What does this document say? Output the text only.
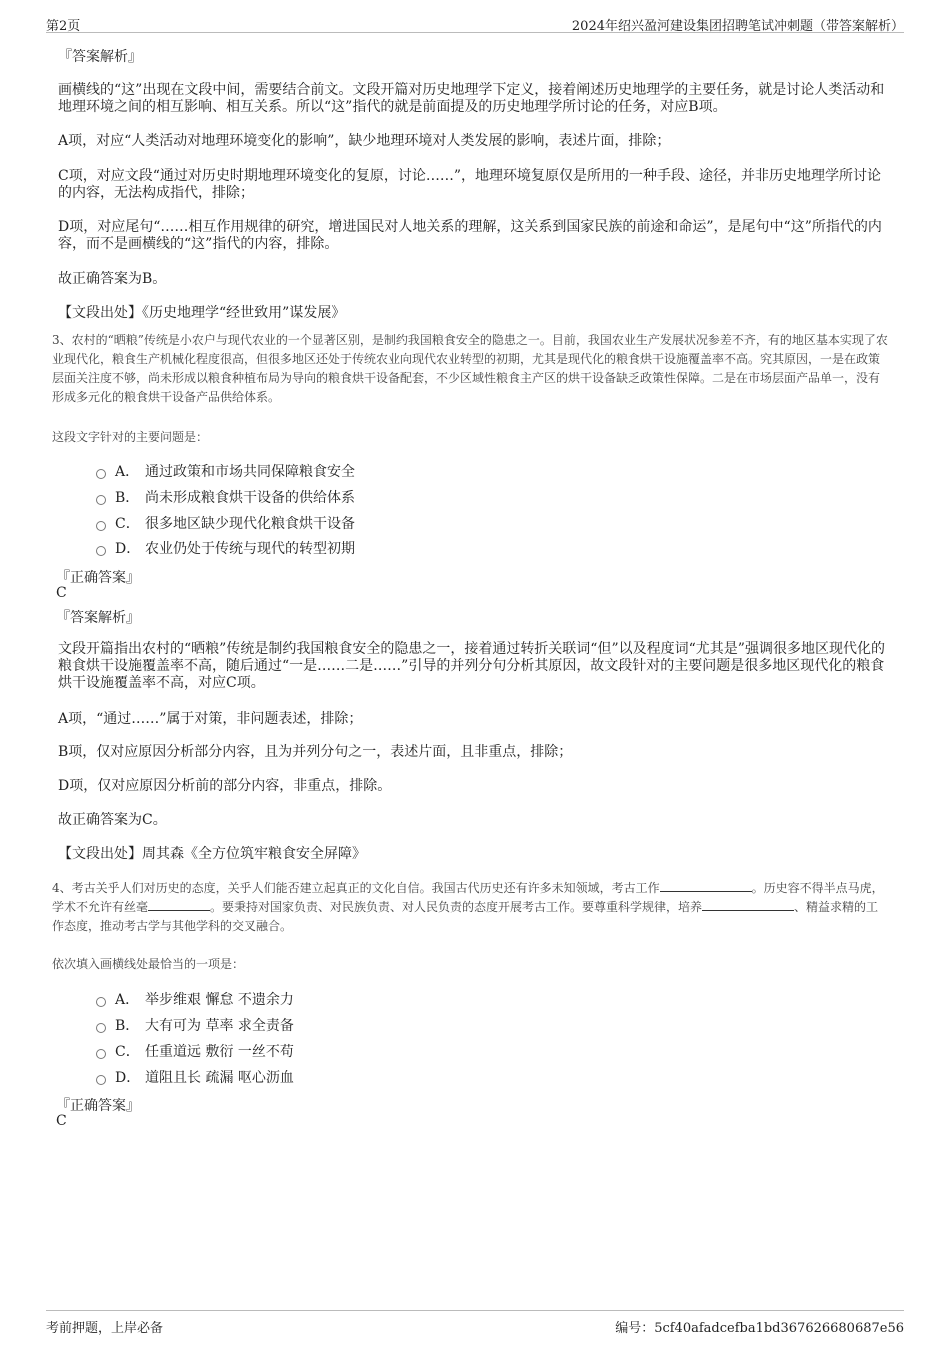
第2页	2024年绍兴盈河建设集团招聘笔试冲刺题（带答案解析）
『答案解析』
画横线的“这”出现在文段中间，需要结合前文。文段开篇对历史地理学下定义，接着阐述历史地理学的主要任务，就是讨论人类活动和地理环境之间的相互影响、相互关系。所以“这”指代的就是前面提及的历史地理学所讨论的任务，对应B项。
A项，对应“人类活动对地理环境变化的影响”，缺少地理环境对人类发展的影响，表述片面，排除；
C项，对应文段“通过对历史时期地理环境变化的复原，讨论……”，地理环境复原仅是所用的一种手段、途径，并非历史地理学所讨论的内容，无法构成指代，排除；
D项，对应尾句“……相互作用规律的研究，增进国民对人地关系的理解，这关系到国家民族的前途和命运”，是尾句中“这”所指代的内容，而不是画横线的“这”指代的内容，排除。
故正确答案为B。
【文段出处】《历史地理学“经世致用”谋发展》
3、农村的“晒粮”传统是小农户与现代农业的一个显著区别，是制约我国粮食安全的隐患之一。目前，我国农业生产发展状况参差不齐，有的地区基本实现了农业现代化，粮食生产机械化程度很高，但很多地区还处于传统农业向现代农业转型的初期，尤其是现代化的粮食烘干设施覆盖率不高。究其原因，一是在政策层面关注度不够，尚未形成以粮食种植布局为导向的粮食烘干设备配套，不少区域性粮食主产区的烘干设备缺乏政策性保障。二是在市场层面产品单一，没有形成多元化的粮食烘干设备产品供给体系。
这段文字针对的主要问题是：
A． 通过政策和市场共同保障粮食安全
B． 尚未形成粮食烘干设备的供给体系
C． 很多地区缺少现代化粮食烘干设备
D． 农业仍处于传统与现代的转型初期
『正确答案』
C
『答案解析』
文段开篇指出农村的“晒粮”传统是制约我国粮食安全的隐患之一，接着通过转折关联词“但”以及程度词“尤其是”强调很多地区现代化的粮食烘干设施覆盖率不高，随后通过“一是……二是……”引导的并列分句分析其原因，故文段针对的主要问题是很多地区现代化的粮食烘干设施覆盖率不高，对应C项。
A项，“通过……”属于对策，非问题表述，排除；
B项，仅对应原因分析部分内容，且为并列分句之一，表述片面，且非重点，排除；
D项，仅对应原因分析前的部分内容，非重点，排除。
故正确答案为C。
【文段出处】周其森《全方位筑牢粮食安全屏障》
4、考古关乎人们对历史的态度，关乎人们能否建立起真正的文化自信。我国古代历史还有许多未知领域，考古工作	。历史容不得半点马虎，学术不允许有丝毫	。要秉持对国家负责、对民族负责、对人民负责的态度开展考古工作。要尊重科学规律，培养	、精益求精的工作态度，推动考古学与其他学科的交叉融合。
依次填入画横线处最恰当的一项是：
A． 举步维艰 懈怠 不遗余力
B． 大有可为 草率 求全责备
C． 任重道远 敷衍 一丝不苟
D． 道阻且长 疏漏 呕心沥血
『正确答案』
C
考前押题，上岸必备	编号：5cf40afadcefba1bd367626680687e56
